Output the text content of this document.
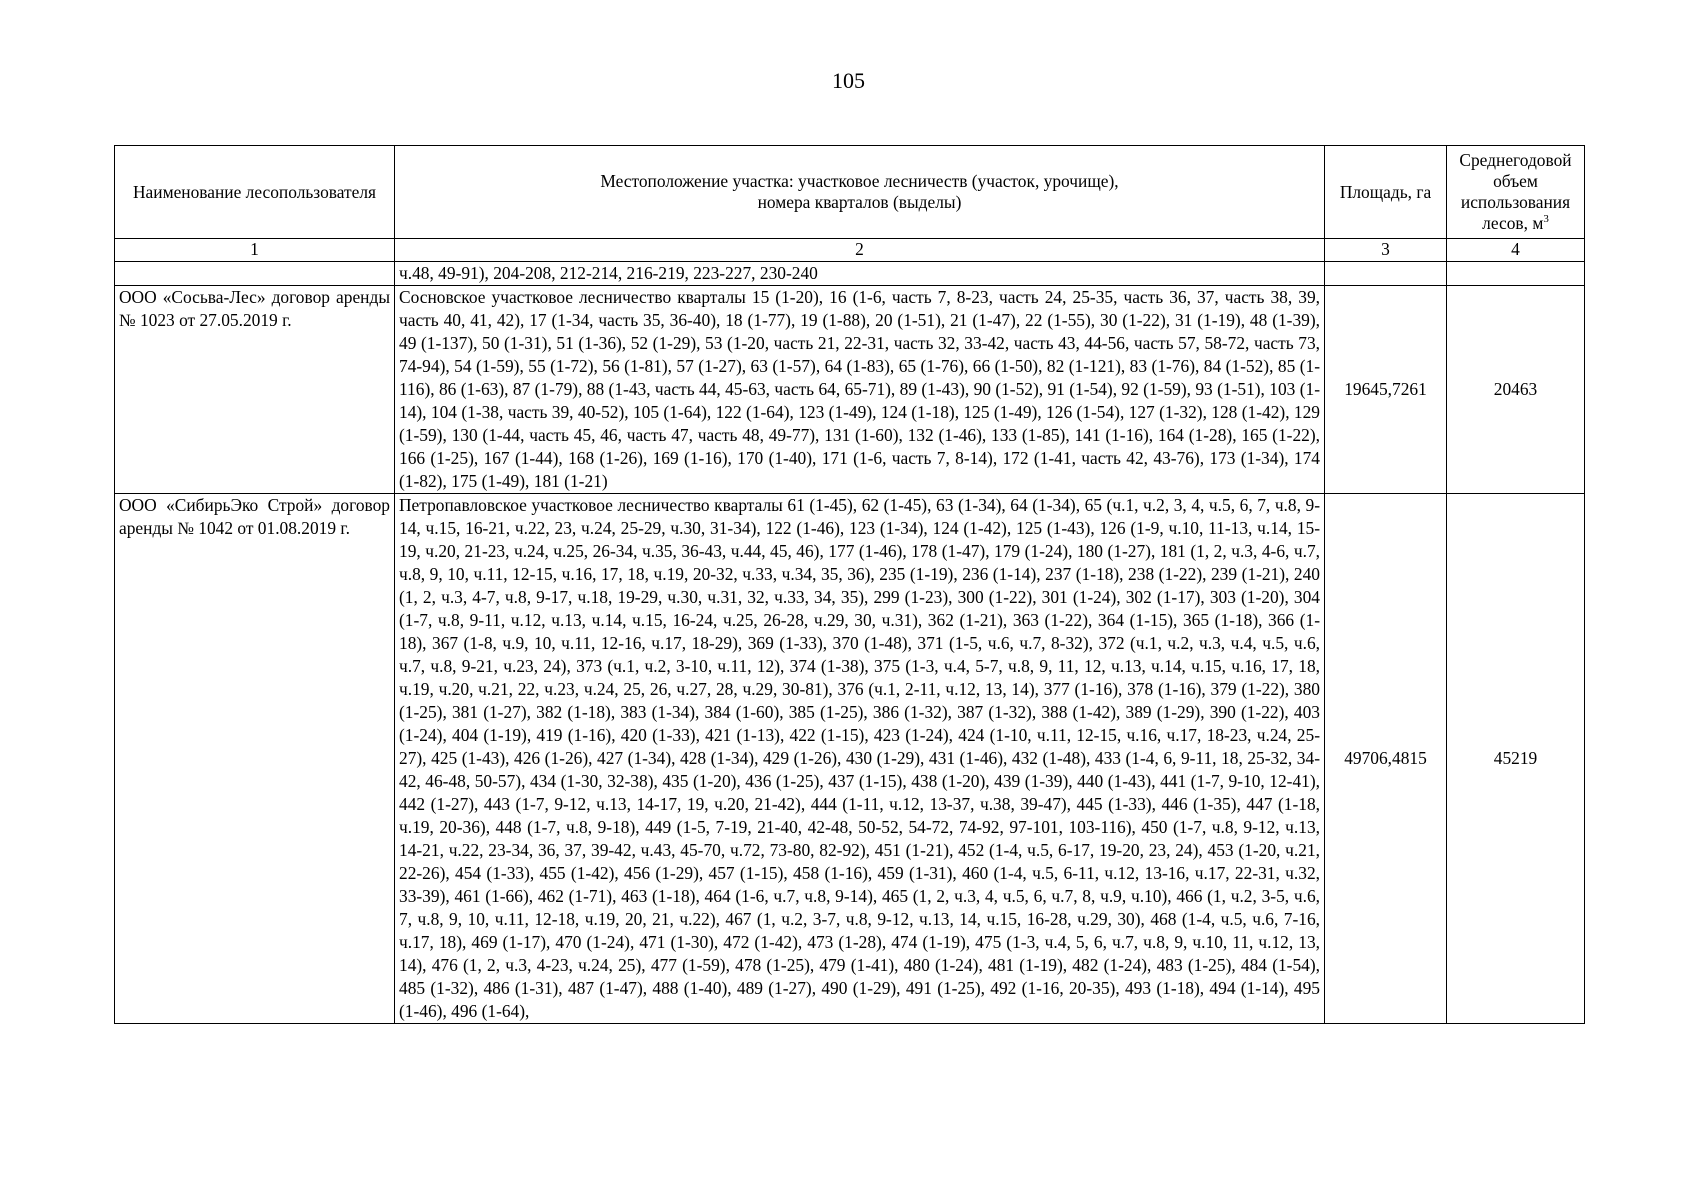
105
Наименование лесопользователя	Местоположение участка: участковое лесничеств (участок, урочище),
номера кварталов (выделы)	Площадь, га	Среднегодовой объем использования лесов, $м^3$
1	2	3	4
	ч.48, 49-91), 204-208, 212-214, 216-219, 223-227, 230-240		
ООО «Сосьва-Лес» договор аренды № 1023 от 27.05.2019 г.	Сосновское участковое лесничество кварталы 15 (1-20), 16 (1-6, часть 7, 8-23, часть 24, 25-35, часть 36, 37, часть 38, 39, часть 40, 41, 42), 17 (1-34, часть 35, 36-40), 18 (1-77), 19 (1-88), 20 (1-51), 21 (1-47), 22 (1-55), 30 (1-22), 31 (1-19), 48 (1-39), 49 (1-137), 50 (1-31), 51 (1-36), 52 (1-29), 53 (1-20, часть 21, 22-31, часть 32, 33-42, часть 43, 44-56, часть 57, 58-72, часть 73, 74-94), 54 (1-59), 55 (1-72), 56 (1-81), 57 (1-27), 63 (1-57), 64 (1-83), 65 (1-76), 66 (1-50), 82 (1-121), 83 (1-76), 84 (1-52), 85 (1-116), 86 (1-63), 87 (1-79), 88 (1-43, часть 44, 45-63, часть 64, 65-71), 89 (1-43), 90 (1-52), 91 (1-54), 92 (1-59), 93 (1-51), 103 (1-14), 104 (1-38, часть 39, 40-52), 105 (1-64), 122 (1-64), 123 (1-49), 124 (1-18), 125 (1-49), 126 (1-54), 127 (1-32), 128 (1-42), 129 (1-59), 130 (1-44, часть 45, 46, часть 47, часть 48, 49-77), 131 (1-60), 132 (1-46), 133 (1-85), 141 (1-16), 164 (1-28), 165 (1-22), 166 (1-25), 167 (1-44), 168 (1-26), 169 (1-16), 170 (1-40), 171 (1-6, часть 7, 8-14), 172 (1-41, часть 42, 43-76), 173 (1-34), 174 (1-82), 175 (1-49), 181 (1-21)	19645,7261	20463
ООО «СибирьЭко Строй» договор аренды № 1042 от 01.08.2019 г.	Петропавловское участковое лесничество кварталы 61 (1-45), 62 (1-45), 63 (1-34), 64 (1-34), 65 (ч.1, ч.2, 3, 4, ч.5, 6, 7, ч.8, 9-14, ч.15, 16-21, ч.22, 23, ч.24, 25-29, ч.30, 31-34), 122 (1-46), 123 (1-34), 124 (1-42), 125 (1-43), 126 (1-9, ч.10, 11-13, ч.14, 15-19, ч.20, 21-23, ч.24, ч.25, 26-34, ч.35, 36-43, ч.44, 45, 46), 177 (1-46), 178 (1-47), 179 (1-24), 180 (1-27), 181 (1, 2, ч.3, 4-6, ч.7, ч.8, 9, 10, ч.11, 12-15, ч.16, 17, 18, ч.19, 20-32, ч.33, ч.34, 35, 36), 235 (1-19), 236 (1-14), 237 (1-18), 238 (1-22), 239 (1-21), 240 (1, 2, ч.3, 4-7, ч.8, 9-17, ч.18, 19-29, ч.30, ч.31, 32, ч.33, 34, 35), 299 (1-23), 300 (1-22), 301 (1-24), 302 (1-17), 303 (1-20), 304 (1-7, ч.8, 9-11, ч.12, ч.13, ч.14, ч.15, 16-24, ч.25, 26-28, ч.29, 30, ч.31), 362 (1-21), 363 (1-22), 364 (1-15), 365 (1-18), 366 (1-18), 367 (1-8, ч.9, 10, ч.11, 12-16, ч.17, 18-29), 369 (1-33), 370 (1-48), 371 (1-5, ч.6, ч.7, 8-32), 372 (ч.1, ч.2, ч.3, ч.4, ч.5, ч.6, ч.7, ч.8, 9-21, ч.23, 24), 373 (ч.1, ч.2, 3-10, ч.11, 12), 374 (1-38), 375 (1-3, ч.4, 5-7, ч.8, 9, 11, 12, ч.13, ч.14, ч.15, ч.16, 17, 18, ч.19, ч.20, ч.21, 22, ч.23, ч.24, 25, 26, ч.27, 28, ч.29, 30-81), 376 (ч.1, 2-11, ч.12, 13, 14), 377 (1-16), 378 (1-16), 379 (1-22), 380 (1-25), 381 (1-27), 382 (1-18), 383 (1-34), 384 (1-60), 385 (1-25), 386 (1-32), 387 (1-32), 388 (1-42), 389 (1-29), 390 (1-22), 403 (1-24), 404 (1-19), 419 (1-16), 420 (1-33), 421 (1-13), 422 (1-15), 423 (1-24), 424 (1-10, ч.11, 12-15, ч.16, ч.17, 18-23, ч.24, 25-27), 425 (1-43), 426 (1-26), 427 (1-34), 428 (1-34), 429 (1-26), 430 (1-29), 431 (1-46), 432 (1-48), 433 (1-4, 6, 9-11, 18, 25-32, 34-42, 46-48, 50-57), 434 (1-30, 32-38), 435 (1-20), 436 (1-25), 437 (1-15), 438 (1-20), 439 (1-39), 440 (1-43), 441 (1-7, 9-10, 12-41), 442 (1-27), 443 (1-7, 9-12, ч.13, 14-17, 19, ч.20, 21-42), 444 (1-11, ч.12, 13-37, ч.38, 39-47), 445 (1-33), 446 (1-35), 447 (1-18, ч.19, 20-36), 448 (1-7, ч.8, 9-18), 449 (1-5, 7-19, 21-40, 42-48, 50-52, 54-72, 74-92, 97-101, 103-116), 450 (1-7, ч.8, 9-12, ч.13, 14-21, ч.22, 23-34, 36, 37, 39-42, ч.43, 45-70, ч.72, 73-80, 82-92), 451 (1-21), 452 (1-4, ч.5, 6-17, 19-20, 23, 24), 453 (1-20, ч.21, 22-26), 454 (1-33), 455 (1-42), 456 (1-29), 457 (1-15), 458 (1-16), 459 (1-31), 460 (1-4, ч.5, 6-11, ч.12, 13-16, ч.17, 22-31, ч.32, 33-39), 461 (1-66), 462 (1-71), 463 (1-18), 464 (1-6, ч.7, ч.8, 9-14), 465 (1, 2, ч.3, 4, ч.5, 6, ч.7, 8, ч.9, ч.10), 466 (1, ч.2, 3-5, ч.6, 7, ч.8, 9, 10, ч.11, 12-18, ч.19, 20, 21, ч.22), 467 (1, ч.2, 3-7, ч.8, 9-12, ч.13, 14, ч.15, 16-28, ч.29, 30), 468 (1-4, ч.5, ч.6, 7-16, ч.17, 18), 469 (1-17), 470 (1-24), 471 (1-30), 472 (1-42), 473 (1-28), 474 (1-19), 475 (1-3, ч.4, 5, 6, ч.7, ч.8, 9, ч.10, 11, ч.12, 13, 14), 476 (1, 2, ч.3, 4-23, ч.24, 25), 477 (1-59), 478 (1-25), 479 (1-41), 480 (1-24), 481 (1-19), 482 (1-24), 483 (1-25), 484 (1-54), 485 (1-32), 486 (1-31), 487 (1-47), 488 (1-40), 489 (1-27), 490 (1-29), 491 (1-25), 492 (1-16, 20-35), 493 (1-18), 494 (1-14), 495 (1-46), 496 (1-64),	49706,4815	45219
